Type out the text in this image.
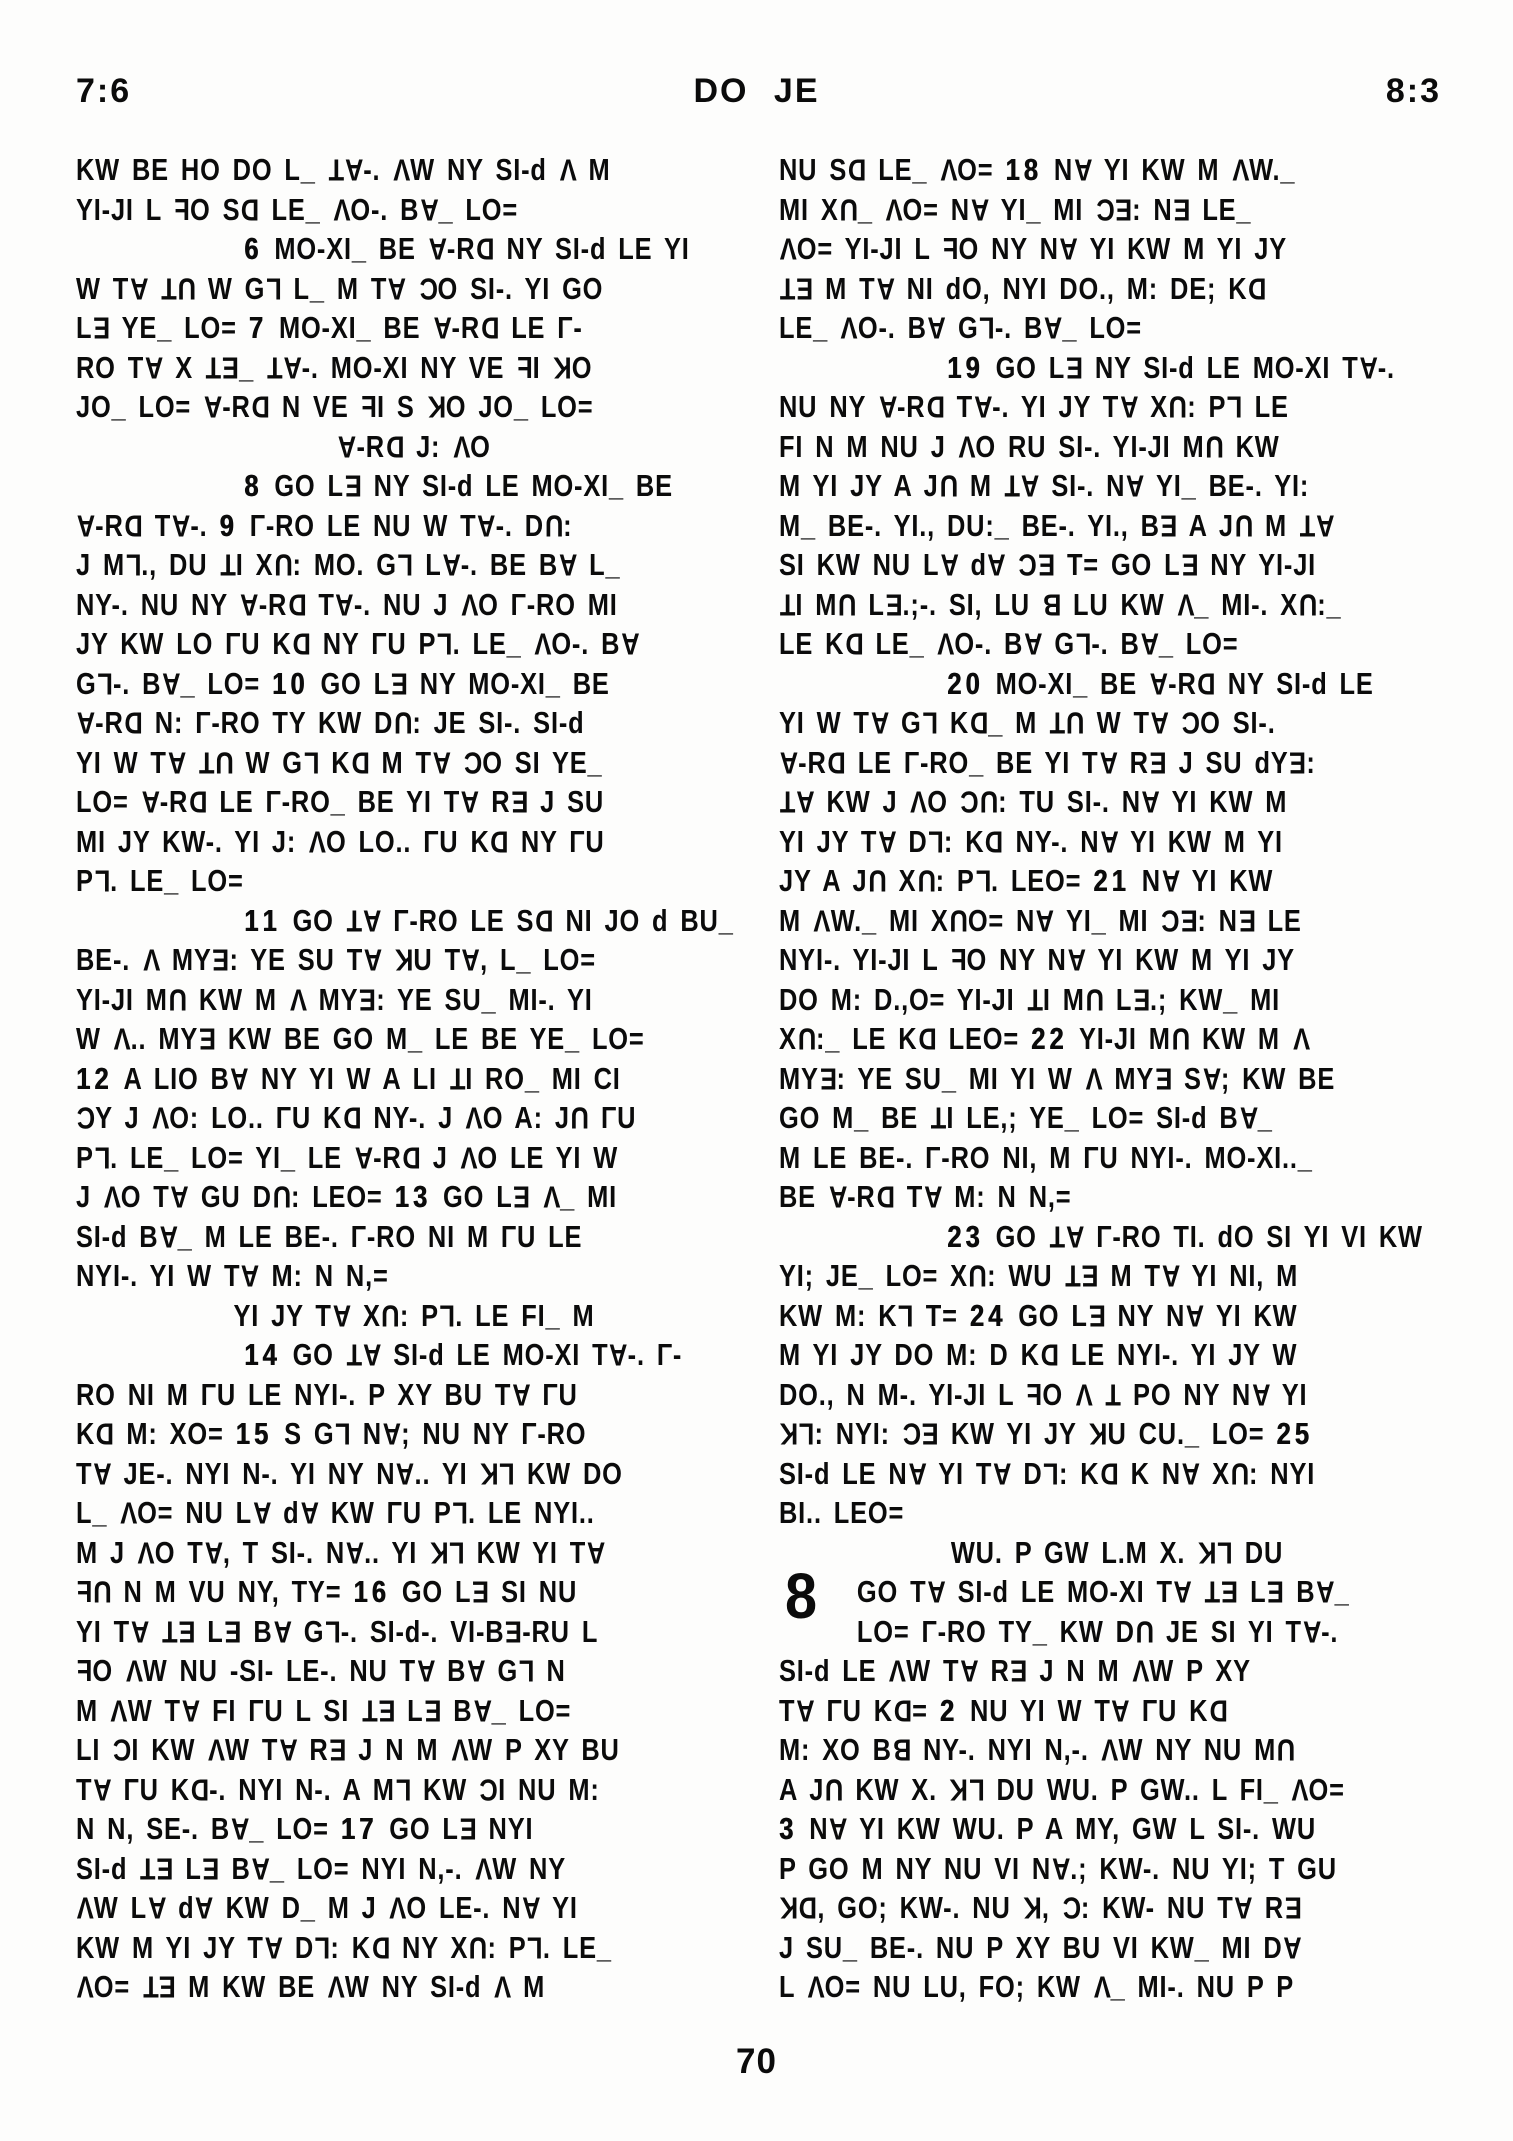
7:6	DO JE	8:3
KW BE HO DO L_ TA-. VW NY SI-d V M
YI-JI L FO SD LE_ VO-. BA_ LO=
6 MO-XI_ BE A-RD NY SI-d LE YI
W TA TU W GL L_ M TA CO SI-. YI GO
LE YE_ LO= 7 MO-XI_ BE A-RD LE Γ-
RO TA X TE_ TA-. MO-XI NY VE FI KO
JO_ LO= A-RD N VE FI S KO JO_ LO=
A-RD J: VO
8 GO LE NY SI-d LE MO-XI_ BE
A-RD TA-. 9 Γ-RO LE NU W TA-. DU:
J ML., DU TI XU: MO. GL LA-. BE BA L_
NY-. NU NY A-RD TA-. NU J VO Γ-RO MI
JY KW LO ΓU KD NY ΓU PL. LE_ VO-. BA
GL-. BA_ LO= 1 0 GO LE NY MO-XI_ BE
A-RD N: Γ-RO TY KW DU: JE SI-. SI-d
YI W TA TU W GL KD M TA CO SI YE_
LO= A-RD LE Γ-RO_ BE YI TA RE J SU
MI JY KW-. YI J: VO LO.. ΓU KD NY ΓU
PL. LE_ LO=
1 1 GO TA Γ-RO LE SD NI JO d BU_
BE-. V MYE: YE SU TA KU TA, L_ LO=
YI-JI MU KW M V MYE: YE SU_ MI-. YI
W V.. MYE KW BE GO M_ LE BE YE_ LO=
1 2 A LIO BA NY YI W A LI TI RO_ MI CI
CY J VO: LO.. ΓU KD NY-. J VO A: JU ΓU
PL. LE_ LO= YI_ LE A-RD J VO LE YI W
J VO TA GU DU: LEO= 1 3 GO LE V_ MI
SI-d BA_ M LE BE-. Γ-RO NI M ΓU LE
NYI-. YI W TA M: N N,=
YI JY TA XU: PL. LE FI_ M
1 4 GO TA SI-d LE MO-XI TA-. Γ-
RO NI M ΓU LE NYI-. P XY BU TA ΓU
KD M: XO= 1 5 S GL NA; NU NY Γ-RO
TA JE-. NYI N-. YI NY NA.. YI KL KW DO
L_ VO= NU LA dA KW ΓU PL. LE NYI..
M J VO TA, T SI-. NA.. YI KL KW YI TA
FU N M VU NY, TY= 1 6 GO LE SI NU
YI TA TE LE BA GL-. SI-d-. VI-BE-RU L
FO VW NU -SI- LE-. NU TA BA GL N
M VW TA FI ΓU L SI TE LE BA_ LO=
LI CI KW VW TA RE J N M VW P XY BU
TA ΓU KD-. NYI N-. A ML KW CI NU M:
N N, SE-. BA_ LO= 1 7 GO LE NYI
SI-d TE LE BA_ LO= NYI N,-. VW NY
VW LA dA KW D_ M J VO LE-. NA YI
KW M YI JY TA DL: KD NY XU: PL. LE_
VO= TE M KW BE VW NY SI-d V M
8
NU SD LE_ VO= 1 8 NA YI KW M VW._
MI XU_ VO= NA YI_ MI CE: NE LE_
VO= YI-JI L FO NY NA YI KW M YI JY
TE M TA NI dO, NYI DO., M: DE; KD
LE_ VO-. BA GL-. BA_ LO=
1 9 GO LE NY SI-d LE MO-XI TA-.
NU NY A-RD TA-. YI JY TA XU: PL LE
FI N M NU J VO RU SI-. YI-JI MU KW
M YI JY A JU M TA SI-. NA YI_ BE-. YI:
M_ BE-. YI., DU:_ BE-. YI., BE A JU M TA
SI KW NU LA dA CE T= GO LE NY YI-JI
TI MU LE.;-. SI, LU B LU KW V_ MI-. XU:_
LE KD LE_ VO-. BA GL-. BA_ LO=
2 0 MO-XI_ BE A-RD NY SI-d LE
YI W TA GL KD_ M TU W TA CO SI-.
A-RD LE Γ-RO_ BE YI TA RE J SU dYE:
TA KW J VO CU: TU SI-. NA YI KW M
YI JY TA DL: KD NY-. NA YI KW M YI
JY A JU XU: PL. LEO= 2 1 NA YI KW
M VW._ MI XUO= NA YI_ MI CE: NE LE
NYI-. YI-JI L FO NY NA YI KW M YI JY
DO M: D.,O= YI-JI TI MU LE.; KW_ MI
XU:_ LE KD LEO= 2 2 YI-JI MU KW M V
MYE: YE SU_ MI YI W V MYE SA; KW BE
GO M_ BE TI LE,; YE_ LO= SI-d BA_
M LE BE-. Γ-RO NI, M ΓU NYI-. MO-XI.._
BE A-RD TA M: N N,=
2 3 GO TA Γ-RO TI. dO SI YI VI KW
YI; JE_ LO= XU: WU TE M TA YI NI, M
KW M: KL T= 2 4 GO LE NY NA YI KW
M YI JY DO M: D KD LE NYI-. YI JY W
DO., N M-. YI-JI L FO V T PO NY NA YI
KL: NYI: CE KW YI JY KU CU._ LO= 2 5
SI-d LE NA YI TA DL: KD K NA XU: NYI
BI.. LEO=
WU. P GW L.M X. KL DU
GO TA SI-d LE MO-XI TA TE LE BA_
LO= Γ-RO TY_ KW DU JE SI YI TA-.
SI-d LE VW TA RE J N M VW P XY
TA ΓU KD= 2 NU YI W TA ΓU KD
M: XO BB NY-. NYI N,-. VW NY NU MU
A JU KW X. KL DU WU. P GW.. L FI_ VO=
3 NA YI KW WU. P A MY, GW L SI-. WU
P GO M NY NU VI NA.; KW-. NU YI; T GU
KD, GO; KW-. NU K, C: KW- NU TA RE
J SU_ BE-. NU P XY BU VI KW_ MI DA
L VO= NU LU, FO; KW V_ MI-. NU P P
70
